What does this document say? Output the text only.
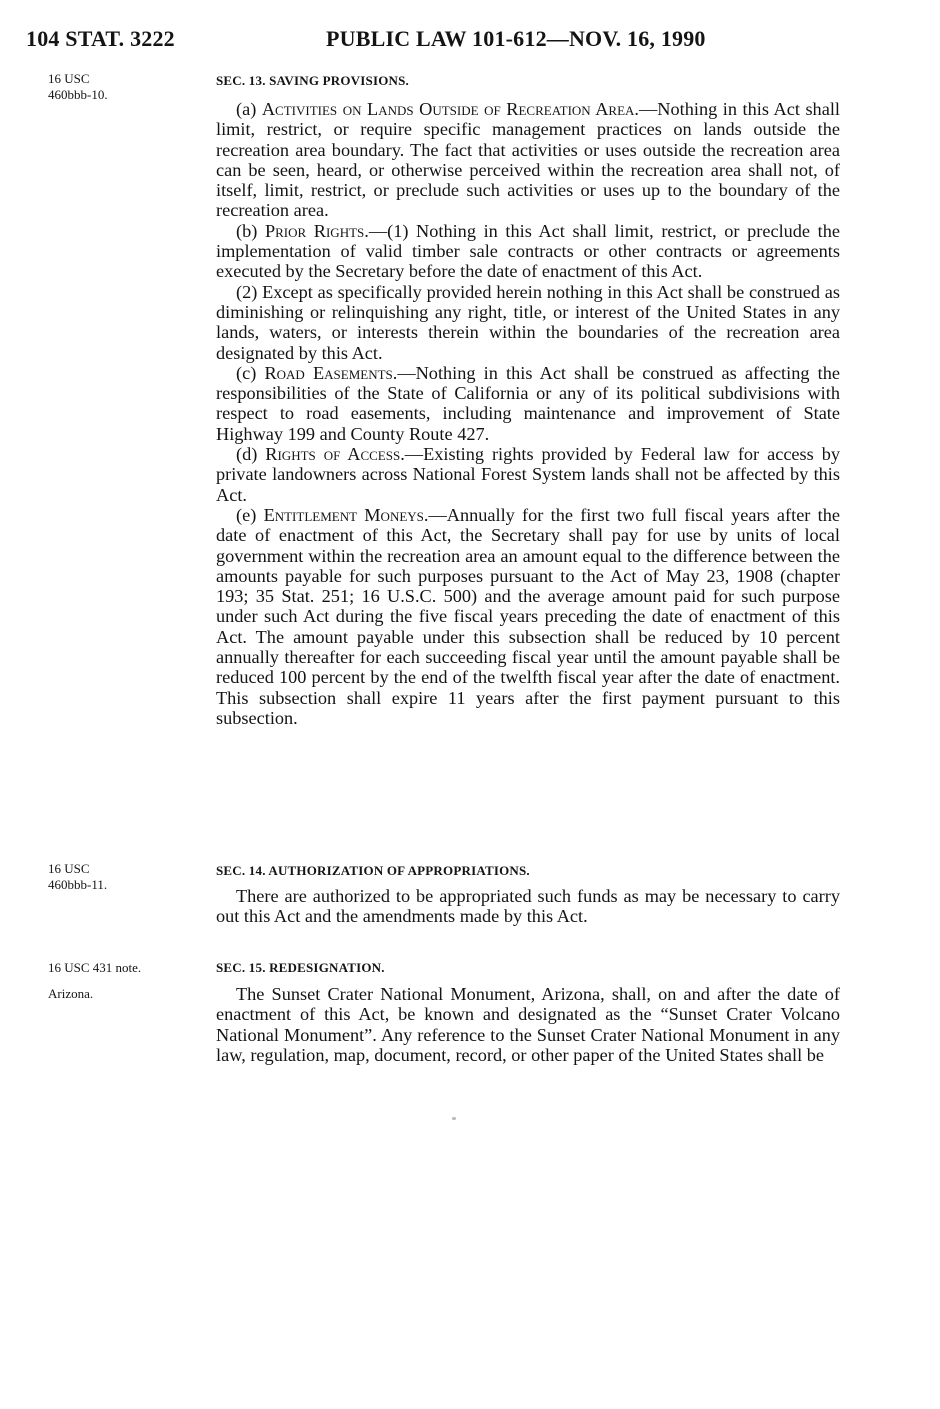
104 STAT. 3222	PUBLIC LAW 101-612—NOV. 16, 1990
16 USC
460bbb-10.
SEC. 13. SAVING PROVISIONS.

(a) Activities on Lands Outside of Recreation Area.—Nothing in this Act shall limit, restrict, or require specific management practices on lands outside the recreation area boundary. The fact that activities or uses outside the recreation area can be seen, heard, or otherwise perceived within the recreation area shall not, of itself, limit, restrict, or preclude such activities or uses up to the boundary of the recreation area.

(b) Prior Rights.—(1) Nothing in this Act shall limit, restrict, or preclude the implementation of valid timber sale contracts or other contracts or agreements executed by the Secretary before the date of enactment of this Act.

(2) Except as specifically provided herein nothing in this Act shall be construed as diminishing or relinquishing any right, title, or interest of the United States in any lands, waters, or interests therein within the boundaries of the recreation area designated by this Act.

(c) Road Easements.—Nothing in this Act shall be construed as affecting the responsibilities of the State of California or any of its political subdivisions with respect to road easements, including maintenance and improvement of State Highway 199 and County Route 427.

(d) Rights of Access.—Existing rights provided by Federal law for access by private landowners across National Forest System lands shall not be affected by this Act.

(e) Entitlement Moneys.—Annually for the first two full fiscal years after the date of enactment of this Act, the Secretary shall pay for use by units of local government within the recreation area an amount equal to the difference between the amounts payable for such purposes pursuant to the Act of May 23, 1908 (chapter 193; 35 Stat. 251; 16 U.S.C. 500) and the average amount paid for such purpose under such Act during the five fiscal years preceding the date of enactment of this Act. The amount payable under this subsection shall be reduced by 10 percent annually thereafter for each succeeding fiscal year until the amount payable shall be reduced 100 percent by the end of the twelfth fiscal year after the date of enactment. This subsection shall expire 11 years after the first payment pursuant to this subsection.

16 USC
460bbb-11.
SEC. 14. AUTHORIZATION OF APPROPRIATIONS.

There are authorized to be appropriated such funds as may be necessary to carry out this Act and the amendments made by this Act.

16 USC 431 note.	SEC. 15. REDESIGNATION.
Arizona.	The Sunset Crater National Monument, Arizona, shall, on and after the date of enactment of this Act, be known and designated as the “Sunset Crater Volcano National Monument”. Any reference to the Sunset Crater National Monument in any law, regulation, map, document, record, or other paper of the United States shall be
